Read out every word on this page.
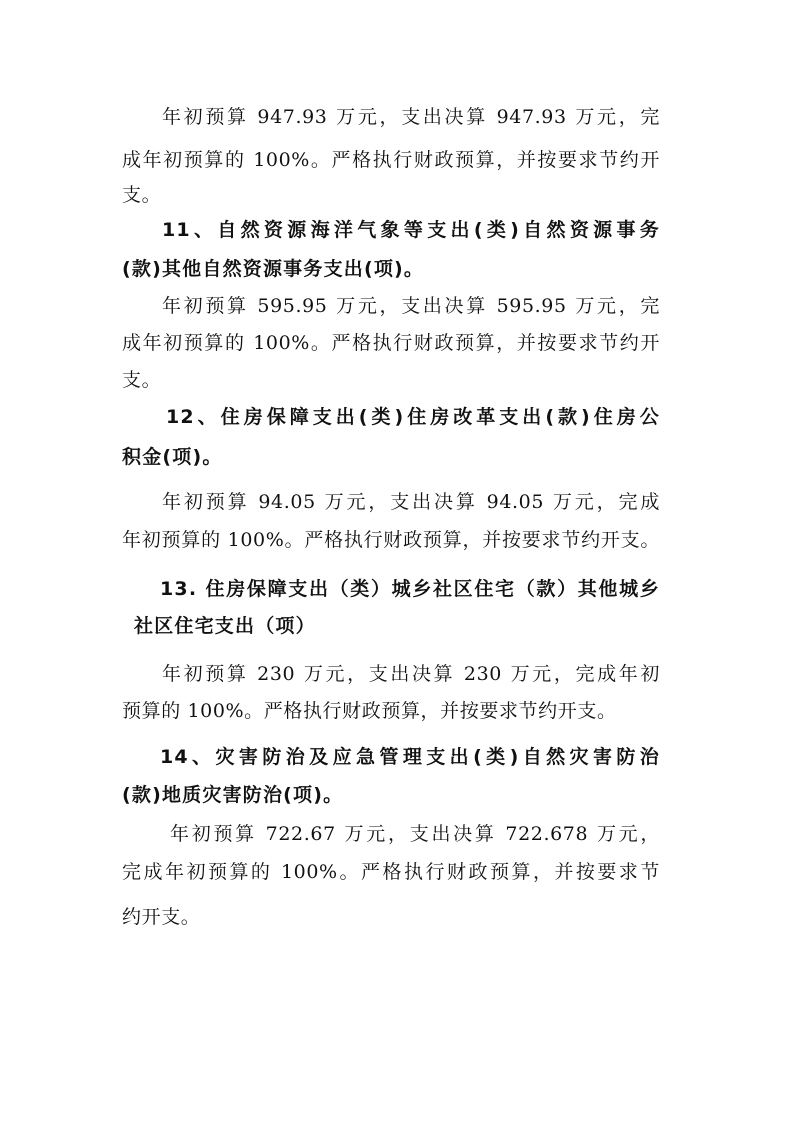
年初预算 947.93 万元，支出决算 947.93 万元，完
成年初预算的 100%。严格执行财政预算，并按要求节约开
支。
11、自然资源海洋气象等支出(类)自然资源事务
(款)其他自然资源事务支出(项)。
年初预算 595.95 万元，支出决算 595.95 万元，完
成年初预算的 100%。严格执行财政预算，并按要求节约开
支。
12、住房保障支出(类)住房改革支出(款)住房公
积金(项)。
年初预算 94.05 万元，支出决算 94.05 万元，完成
年初预算的 100%。严格执行财政预算，并按要求节约开支。
13. 住房保障支出（类）城乡社区住宅（款）其他城乡
社区住宅支出（项）
年初预算 230 万元，支出决算 230 万元，完成年初
预算的 100%。严格执行财政预算，并按要求节约开支。
14、灾害防治及应急管理支出(类)自然灾害防治
(款)地质灾害防治(项)。
年初预算 722.67 万元，支出决算 722.678 万元，
完成年初预算的 100%。严格执行财政预算，并按要求节
约开支。
